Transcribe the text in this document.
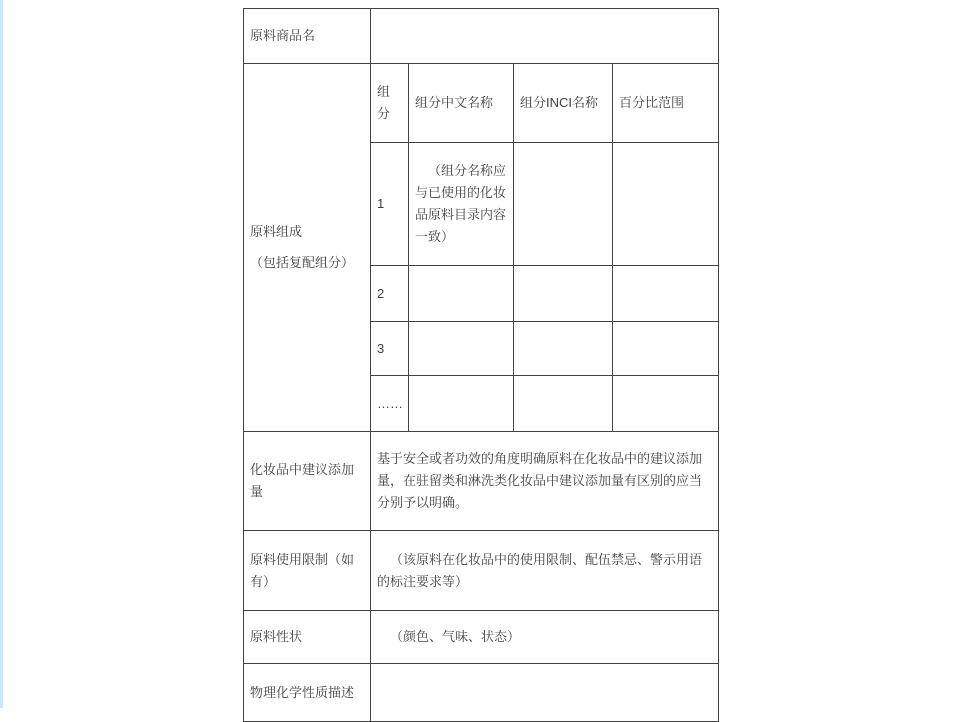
原料商品名				

原料组成
（包括复配组分）	组分	组分中文名称	组分INCI名称	百分比范围
	1	（组分名称应与已使用的化妆品原料目录内容一致）		

	2			
	3			
	……			
化妆品中建议添加量	基于安全或者功效的角度明确原料在化妆品中的建议添加量，在驻留类和淋洗类化妆品中建议添加量有区别的应当分别予以明确。			

原料使用限制（如有）	（该原料在化妆品中的使用限制、配伍禁忌、警示用语的标注要求等）			

原料性状	（颜色、气味、状态）			

物理化学性质描述				
